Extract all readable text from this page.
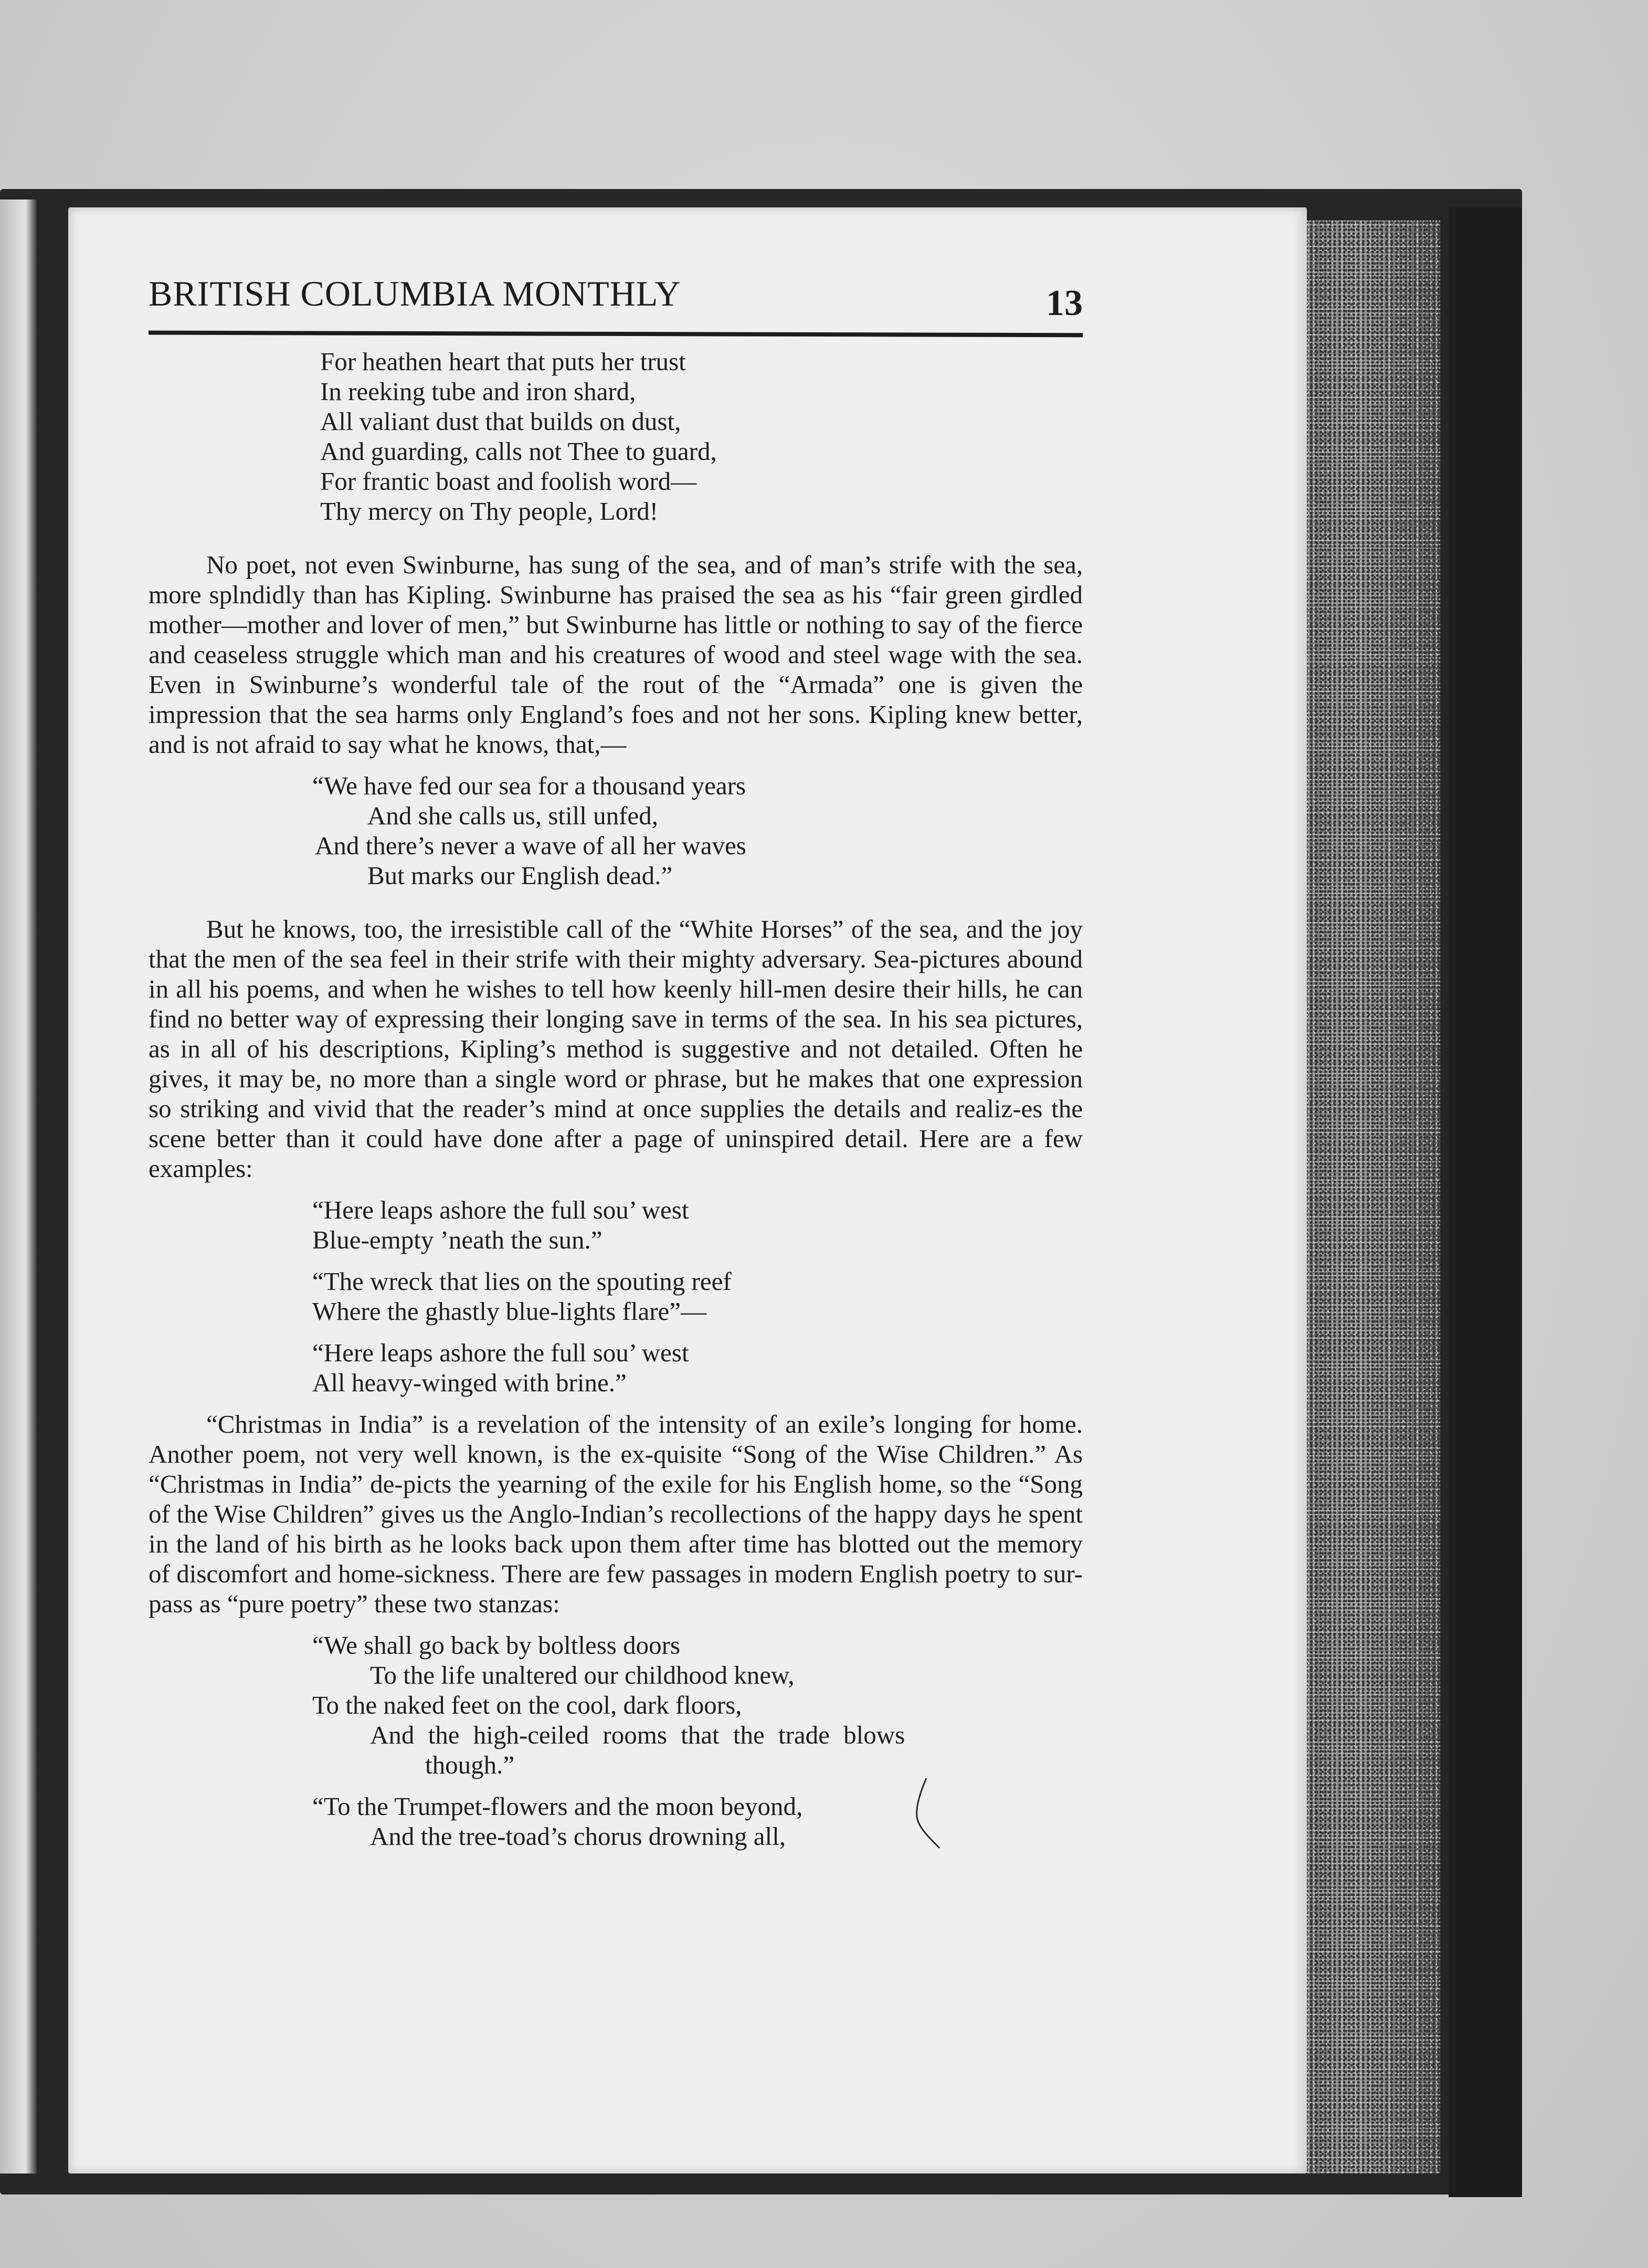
BRITISH COLUMBIA MONTHLY	13
For heathen heart that puts her trust
In reeking tube and iron shard,
All valiant dust that builds on dust,
And guarding, calls not Thee to guard,
For frantic boast and foolish word—
Thy mercy on Thy people, Lord!

No poet, not even Swinburne, has sung of the sea, and of man’s strife with the sea, more splndidly than has Kipling. Swinburne has praised the sea as his “fair green girdled mother—mother and lover of men,” but Swinburne has little or nothing to say of the fierce and ceaseless struggle which man and his creatures of wood and steel wage with the sea. Even in Swinburne’s wonderful tale of the rout of the “Armada” one is given the impression that the sea harms only England’s foes and not her sons. Kipling knew better, and is not afraid to say what he knows, that,—

“We have fed our sea for a thousand years
And she calls us, still unfed,
And there’s never a wave of all her waves
But marks our English dead.”

But he knows, too, the irresistible call of the “White Horses” of the sea, and the joy that the men of the sea feel in their strife with their mighty adversary. Sea-pictures abound in all his poems, and when he wishes to tell how keenly hill-men desire their hills, he can find no better way of expressing their longing save in terms of the sea. In his sea pictures, as in all of his descriptions, Kipling’s method is suggestive and not detailed. Often he gives, it may be, no more than a single word or phrase, but he makes that one expression so striking and vivid that the reader’s mind at once supplies the details and realiz-es the scene better than it could have done after a page of uninspired detail. Here are a few examples:

“Here leaps ashore the full sou’ west
Blue-empty ’neath the sun.”
“The wreck that lies on the spouting reef
Where the ghastly blue-lights flare”—
“Here leaps ashore the full sou’ west
All heavy-winged with brine.”

“Christmas in India” is a revelation of the intensity of an exile’s longing for home. Another poem, not very well known, is the ex-quisite “Song of the Wise Children.” As “Christmas in India” de-picts the yearning of the exile for his English home, so the “Song of the Wise Children” gives us the Anglo-Indian’s recollections of the happy days he spent in the land of his birth as he looks back upon them after time has blotted out the memory of discomfort and home-sickness. There are few passages in modern English poetry to sur-pass as “pure poetry” these two stanzas:

“We shall go back by boltless doors
To the life unaltered our childhood knew,
To the naked feet on the cool, dark floors,
And the high-ceiled rooms that the trade blows
though.”
“To the Trumpet-flowers and the moon beyond,
And the tree-toad’s chorus drowning all,
